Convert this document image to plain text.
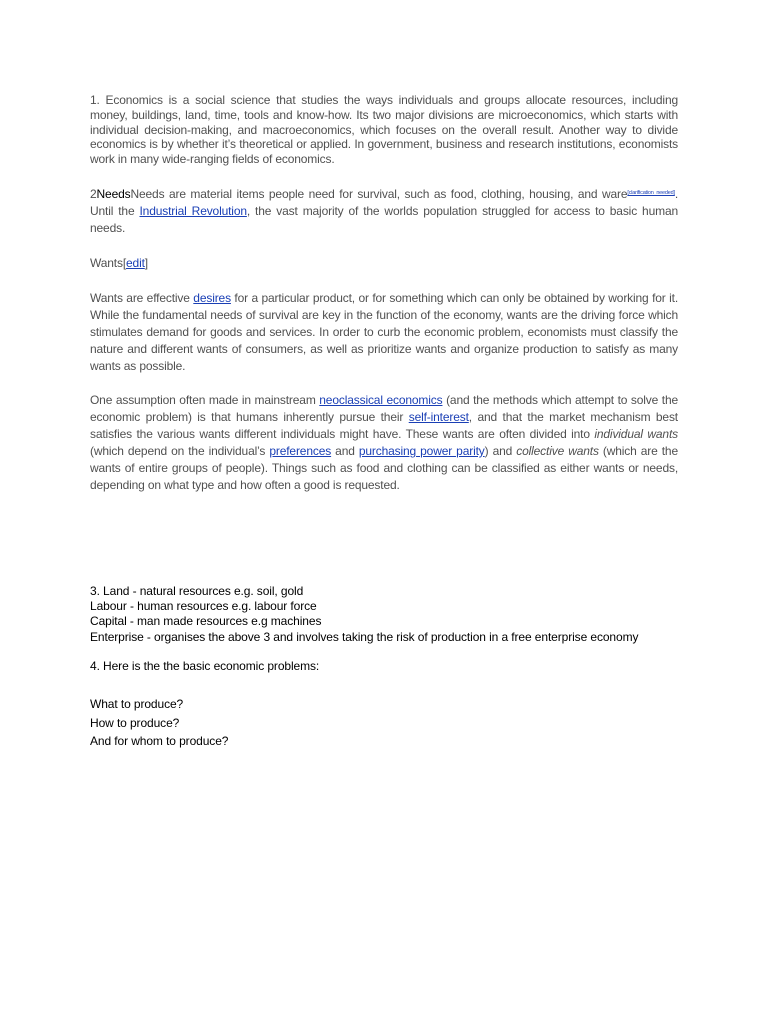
1. Economics is a social science that studies the ways individuals and groups allocate resources, including money, buildings, land, time, tools and know-how. Its two major divisions are microeconomics, which starts with individual decision-making, and macroeconomics, which focuses on the overall result. Another way to divide economics is by whether it’s theoretical or applied. In government, business and research institutions, economists work in many wide-ranging fields of economics.

2NeedsNeeds are material items people need for survival, such as food, clothing, housing, and ware[clarification needed]. Until the Industrial Revolution, the vast majority of the worlds population struggled for access to basic human needs.

Wants[edit]

Wants are effective desires for a particular product, or for something which can only be obtained by working for it. While the fundamental needs of survival are key in the function of the economy, wants are the driving force which stimulates demand for goods and services. In order to curb the economic problem, economists must classify the nature and different wants of consumers, as well as prioritize wants and organize production to satisfy as many wants as possible.

One assumption often made in mainstream neoclassical economics (and the methods which attempt to solve the economic problem) is that humans inherently pursue their self-interest, and that the market mechanism best satisfies the various wants different individuals might have. These wants are often divided into individual wants (which depend on the individual’s preferences and purchasing power parity) and collective wants (which are the wants of entire groups of people). Things such as food and clothing can be classified as either wants or needs, depending on what type and how often a good is requested.

3. Land - natural resources e.g. soil, gold
Labour - human resources e.g. labour force
Capital - man made resources e.g machines
Enterprise - organises the above 3 and involves taking the risk of production in a free enterprise economy

4. Here is the the basic economic problems:

What to produce?
How to produce?
And for whom to produce?
